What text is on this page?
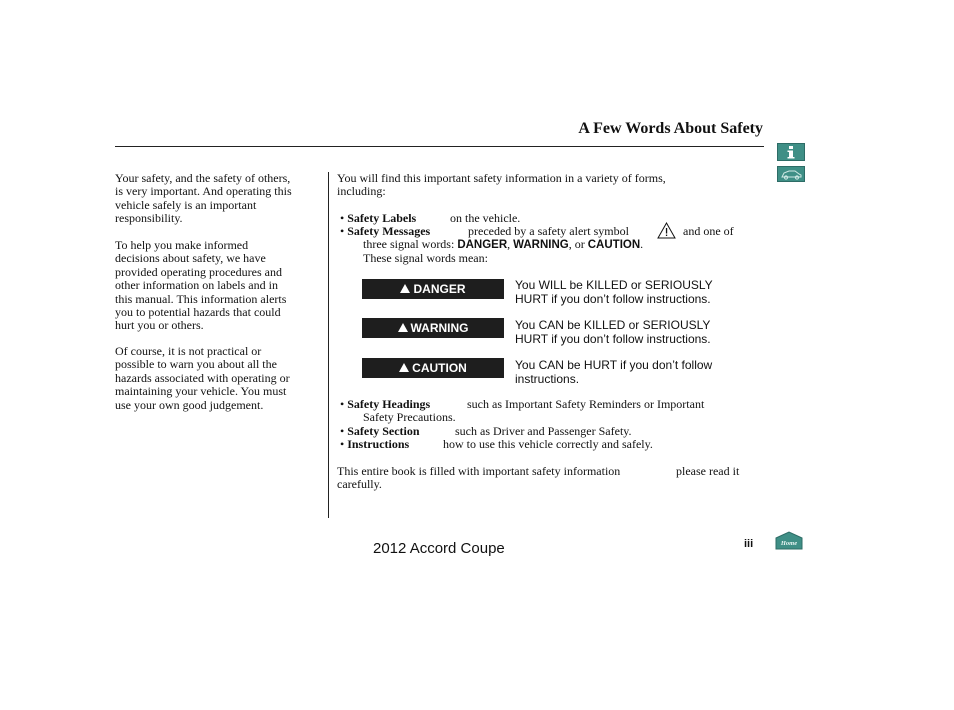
A Few Words About Safety
Your safety, and the safety of others,
is very important. And operating this
vehicle safely is an important
responsibility.
To help you make informed
decisions about safety, we have
provided operating procedures and
other information on labels and in
this manual. This information alerts
you to potential hazards that could
hurt you or others.
Of course, it is not practical or
possible to warn you about all the
hazards associated with operating or
maintaining your vehicle. You must
use your own good judgement.
You will find this important safety information in a variety of forms,
including:
• Safety Labels	on the vehicle.
• Safety Messages	preceded by a safety alert symbol	and one of
three signal words: DANGER, WARNING, or CAUTION.
These signal words mean:
DANGER	You WILL be KILLED or SERIOUSLY
HURT if you don’t follow instructions.
WARNING	You CAN be KILLED or SERIOUSLY
HURT if you don’t follow instructions.
CAUTION	You CAN be HURT if you don’t follow
instructions.
• Safety Headings	such as Important Safety Reminders or Important
Safety Precautions.
• Safety Section	such as Driver and Passenger Safety.
• Instructions	how to use this vehicle correctly and safely.
This entire book is filled with important safety information	please read it
carefully.
2012 Accord Coupe	iii	Home
